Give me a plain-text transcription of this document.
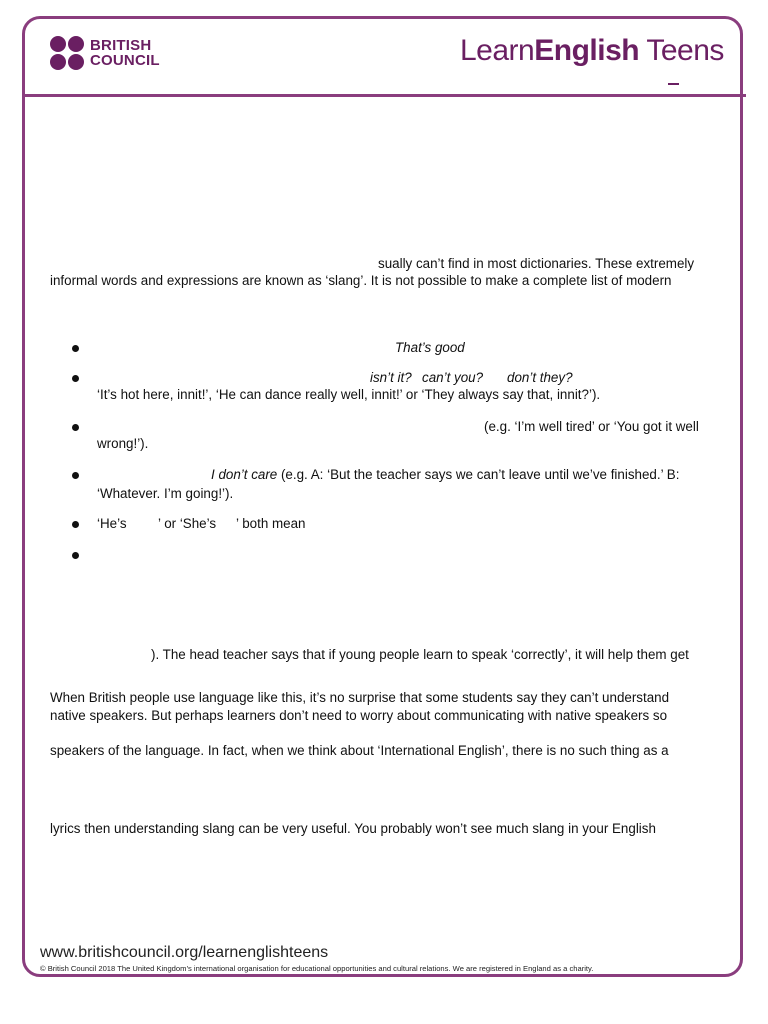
BRITISH
COUNCIL	LearnEnglish Teens
sually can’t find in most dictionaries. These extremely
informal words and expressions are known as ‘slang’. It is not possible to make a complete list of modern
That’s good
isn’t it? can’t you? don’t they?
‘It’s hot here, innit!’, ‘He can dance really well, innit!’ or ‘They always say that, innit?’).
(e.g. ‘I’m well tired’ or ‘You got it well
wrong!’).
I don’t care (e.g. A: ‘But the teacher says we can’t leave until we’ve finished.’ B:
‘Whatever. I’m going!’).
‘He’s ’ or ‘She’s ’ both mean
). The head teacher says that if young people learn to speak ‘correctly’, it will help them get
When British people use language like this, it’s no surprise that some students say they can’t understand
native speakers. But perhaps learners don’t need to worry about communicating with native speakers so
speakers of the language. In fact, when we think about ‘International English’, there is no such thing as a
lyrics then understanding slang can be very useful. You probably won’t see much slang in your English
www.britishcouncil.org/learnenglishteens
© British Council 2018 The United Kingdom’s international organisation for educational opportunities and cultural relations. We are registered in England as a charity.
